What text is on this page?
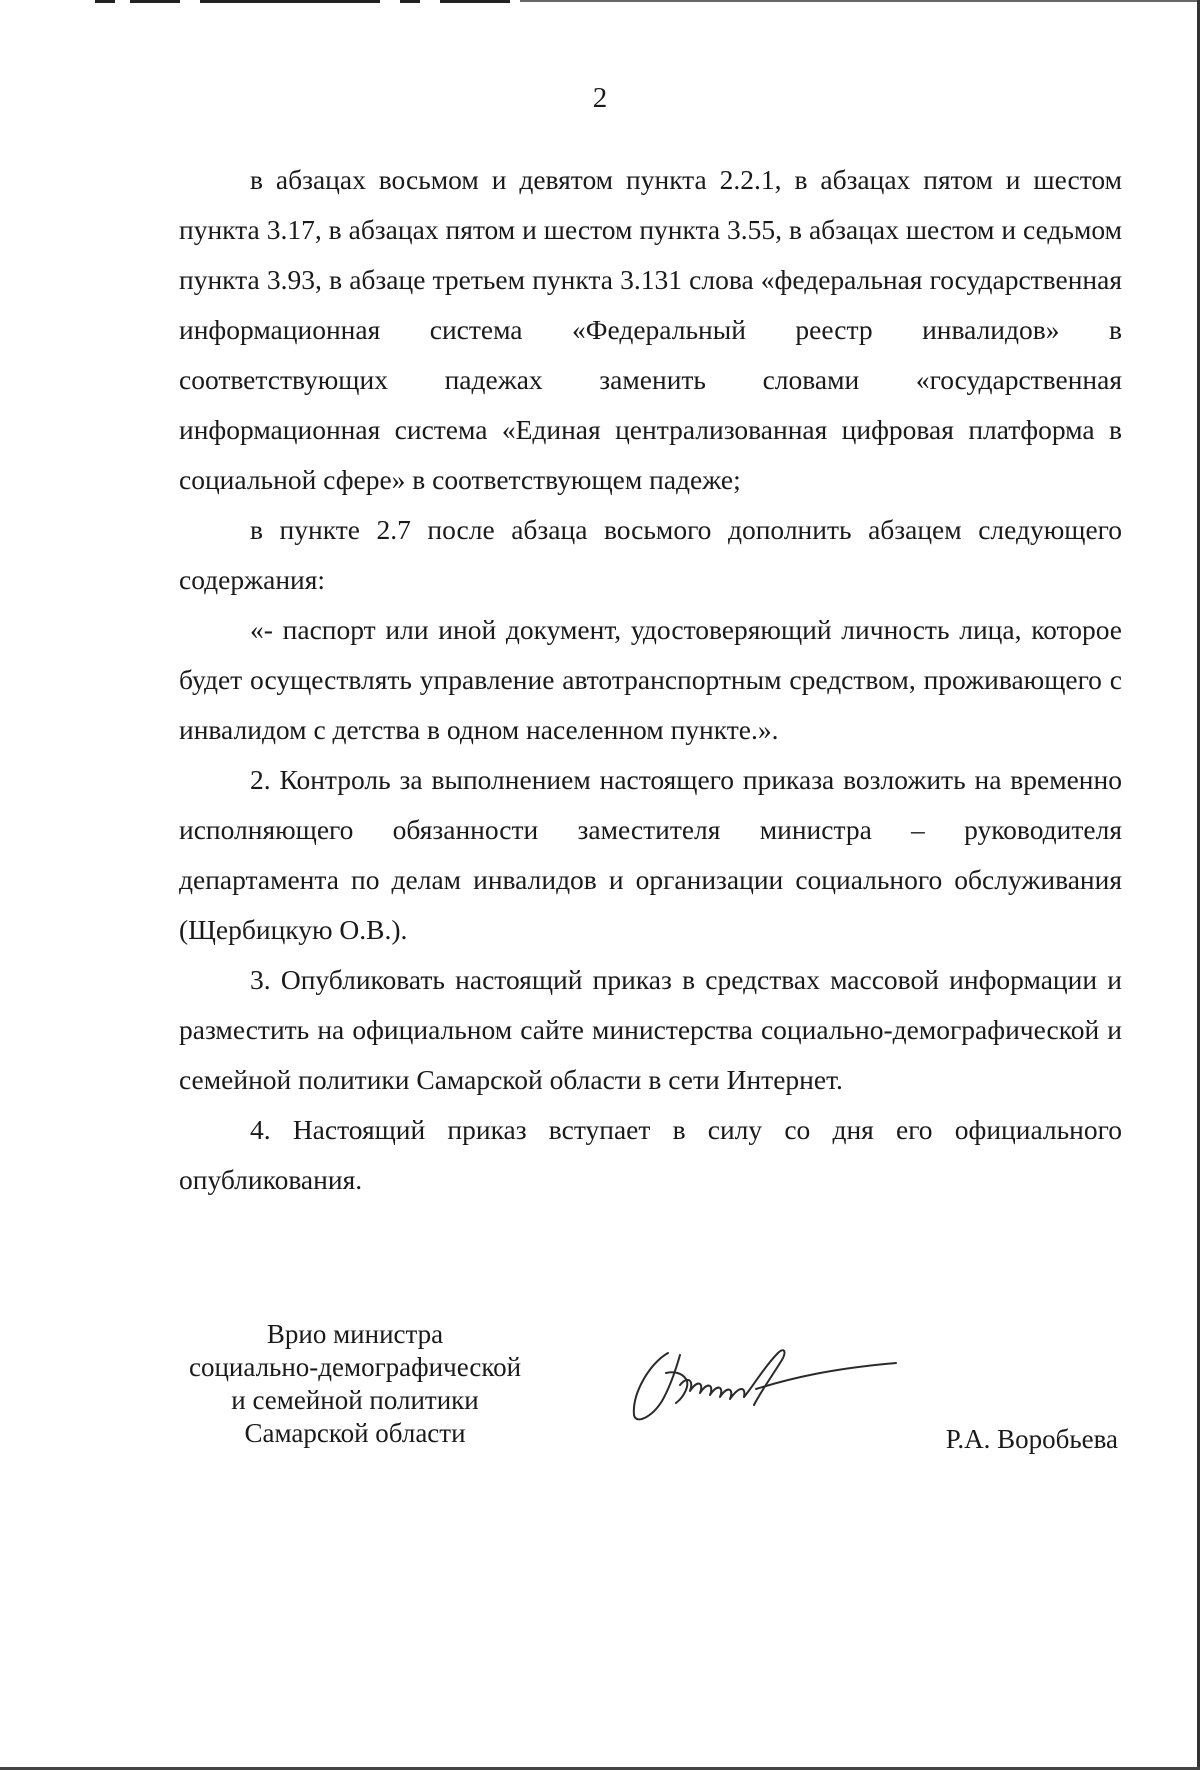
2

в абзацах восьмом и девятом пункта 2.2.1, в абзацах пятом и шестом пункта 3.17, в абзацах пятом и шестом пункта 3.55, в абзацах шестом и седьмом пункта 3.93, в абзаце третьем пункта 3.131 слова «федеральная государственная информационная система «Федеральный реестр инвалидов» в соответствующих падежах заменить словами «государственная информационная система «Единая централизованная цифровая платформа в социальной сфере» в соответствующем падеже;

в пункте 2.7 после абзаца восьмого дополнить абзацем следующего содержания:

«- паспорт или иной документ, удостоверяющий личность лица, которое будет осуществлять управление автотранспортным средством, проживающего с инвалидом с детства в одном населенном пункте.».

2. Контроль за выполнением настоящего приказа возложить на временно исполняющего обязанности заместителя министра – руководителя департамента по делам инвалидов и организации социального обслуживания (Щербицкую О.В.).

3. Опубликовать настоящий приказ в средствах массовой информации и разместить на официальном сайте министерства социально-демографической и семейной политики Самарской области в сети Интернет.

4. Настоящий приказ вступает в силу со дня его официального опубликования.

Врио министра
социально-демографической
и семейной политики
Самарской области	Р.А. Воробьева
